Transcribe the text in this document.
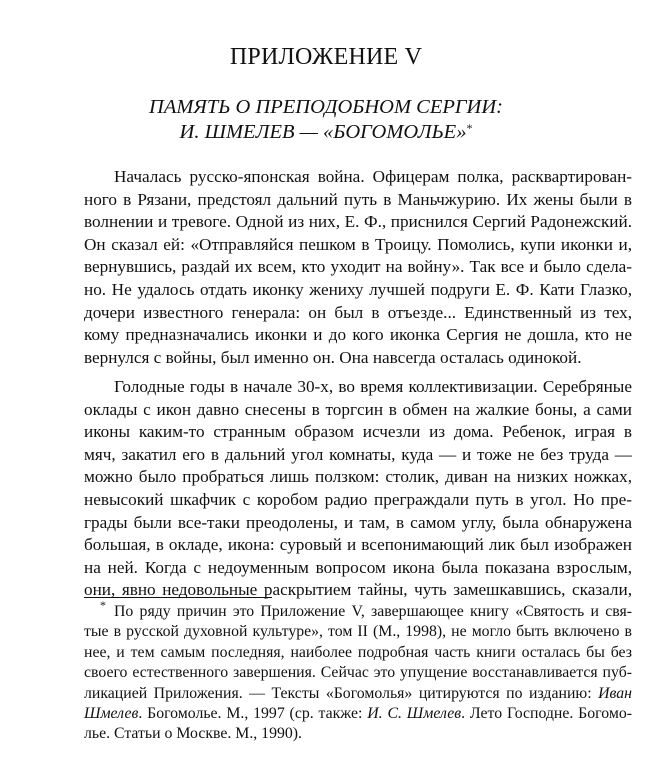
ПРИЛОЖЕНИЕ V
ПАМЯТЬ О ПРЕПОДОБНОМ СЕРГИИ:
И. ШМЕЛЕВ — «БОГОМОЛЬЕ»*
Началась русско-японская война. Офицерам полка, расквартирован-
ного в Рязани, предстоял дальний путь в Маньчжурию. Их жены были в
волнении и тревоге. Одной из них, Е. Ф., приснился Сергий Радонежский.
Он сказал ей: «Отправляйся пешком в Троицу. Помолись, купи иконки и,
вернувшись, раздай их всем, кто уходит на войну». Так все и было сдела-
но. Не удалось отдать иконку жениху лучшей подруги Е. Ф. Кати Глазко,
дочери известного генерала: он был в отъезде... Единственный из тех,
кому предназначались иконки и до кого иконка Сергия не дошла, кто не
вернулся с войны, был именно он. Она навсегда осталась одинокой.
Голодные годы в начале 30-х, во время коллективизации. Серебряные
оклады с икон давно снесены в торгсин в обмен на жалкие боны, а сами
иконы каким-то странным образом исчезли из дома. Ребенок, играя в
мяч, закатил его в дальний угол комнаты, куда — и тоже не без труда —
можно было пробраться лишь ползком: столик, диван на низких ножках,
невысокий шкафчик с коробом радио преграждали путь в угол. Но пре-
грады были все-таки преодолены, и там, в самом углу, была обнаружена
большая, в окладе, икона: суровый и всепонимающий лик был изображен
на ней. Когда с недоуменным вопросом икона была показана взрослым,
они, явно недовольные раскрытием тайны, чуть замешкавшись, сказали,
* По ряду причин это Приложение V, завершающее книгу «Святость и свя-
тые в русской духовной культуре», том II (М., 1998), не могло быть включено в
нее, и тем самым последняя, наиболее подробная часть книги осталась бы без
своего естественного завершения. Сейчас это упущение восстанавливается пуб-
ликацией Приложения. — Тексты «Богомолья» цитируются по изданию: Иван
Шмелев. Богомолье. М., 1997 (ср. также: И. С. Шмелев. Лето Господне. Богомо-
лье. Статьи о Москве. М., 1990).
